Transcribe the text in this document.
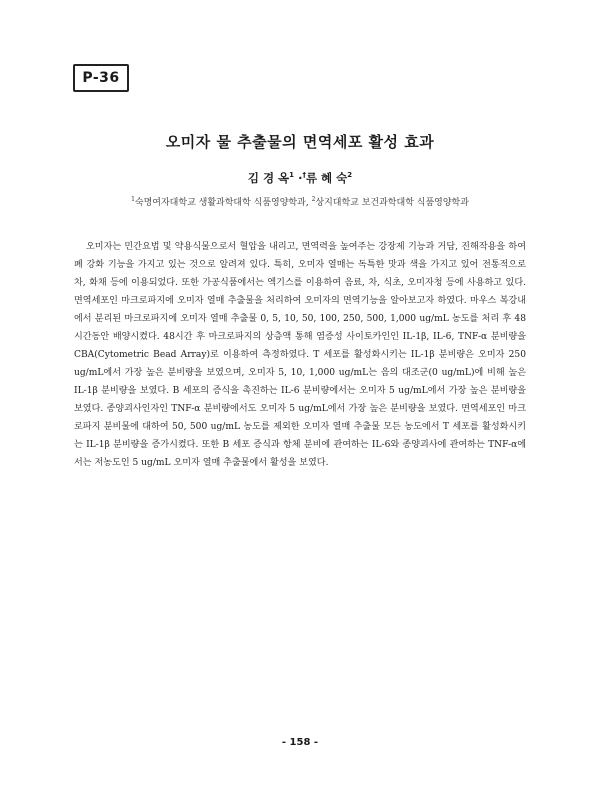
P-36
오미자 물 추출물의 면역세포 활성 효과
김 경 옥$^1$ ·†류 혜 숙$^2$
$^1$숙명여자대학교 생활과학대학 식품영양학과, $^2$상지대학교 보건과학대학 식품영양학과
오미자는 민간요법 및 약용식물으로서 혈압을 내리고, 면역력을 높여주는 강장제 기능과 거담, 진해작용을 하여 폐 강화 기능을 가지고 있는 것으로 알려져 있다. 특히, 오미자 열매는 독특한 맛과 색을 가지고 있어 전통적으로 차, 화채 등에 이용되었다. 또한 가공식품에서는 엑기스를 이용하여 음료, 차, 식초, 오미자청 등에 사용하고 있다. 면역세포인 마크로파지에 오미자 열매 추출물을 처리하여 오미자의 면역기능을 알아보고자 하였다. 마우스 복강내에서 분리된 마크로파지에 오미자 열매 추출물 0, 5, 10, 50, 100, 250, 500, 1,000 ug/mL 농도를 처리 후 48시간동안 배양시켰다. 48시간 후 마크로파지의 상층액 통해 염증성 사이토카인인 IL-1β, IL-6, TNF-α 분비량을 CBA(Cytometric Bead Array)로 이용하여 측정하였다. T 세포를 활성화시키는 IL-1β 분비량은 오미자 250 ug/mL에서 가장 높은 분비량을 보였으며, 오미자 5, 10, 1,000 ug/mL는 음의 대조군(0 ug/mL)에 비해 높은 IL-1β 분비량을 보였다. B 세포의 증식을 촉진하는 IL-6 분비량에서는 오미자 5 ug/mL에서 가장 높은 분비량을 보였다. 종양괴사인자인 TNF-α 분비량에서도 오미자 5 ug/mL에서 가장 높은 분비량을 보였다. 면역세포인 마크로파지 분비물에 대하여 50, 500 ug/mL 농도를 제외한 오미자 열매 추출물 모든 농도에서 T 세포를 활성화시키는 IL-1β 분비량을 증가시켰다. 또한 B 세포 증식과 항체 분비에 관여하는 IL-6와 종양괴사에 관여하는 TNF-α에서는 저농도인 5 ug/mL 오미자 열매 추출물에서 활성을 보였다.
- 158 -
